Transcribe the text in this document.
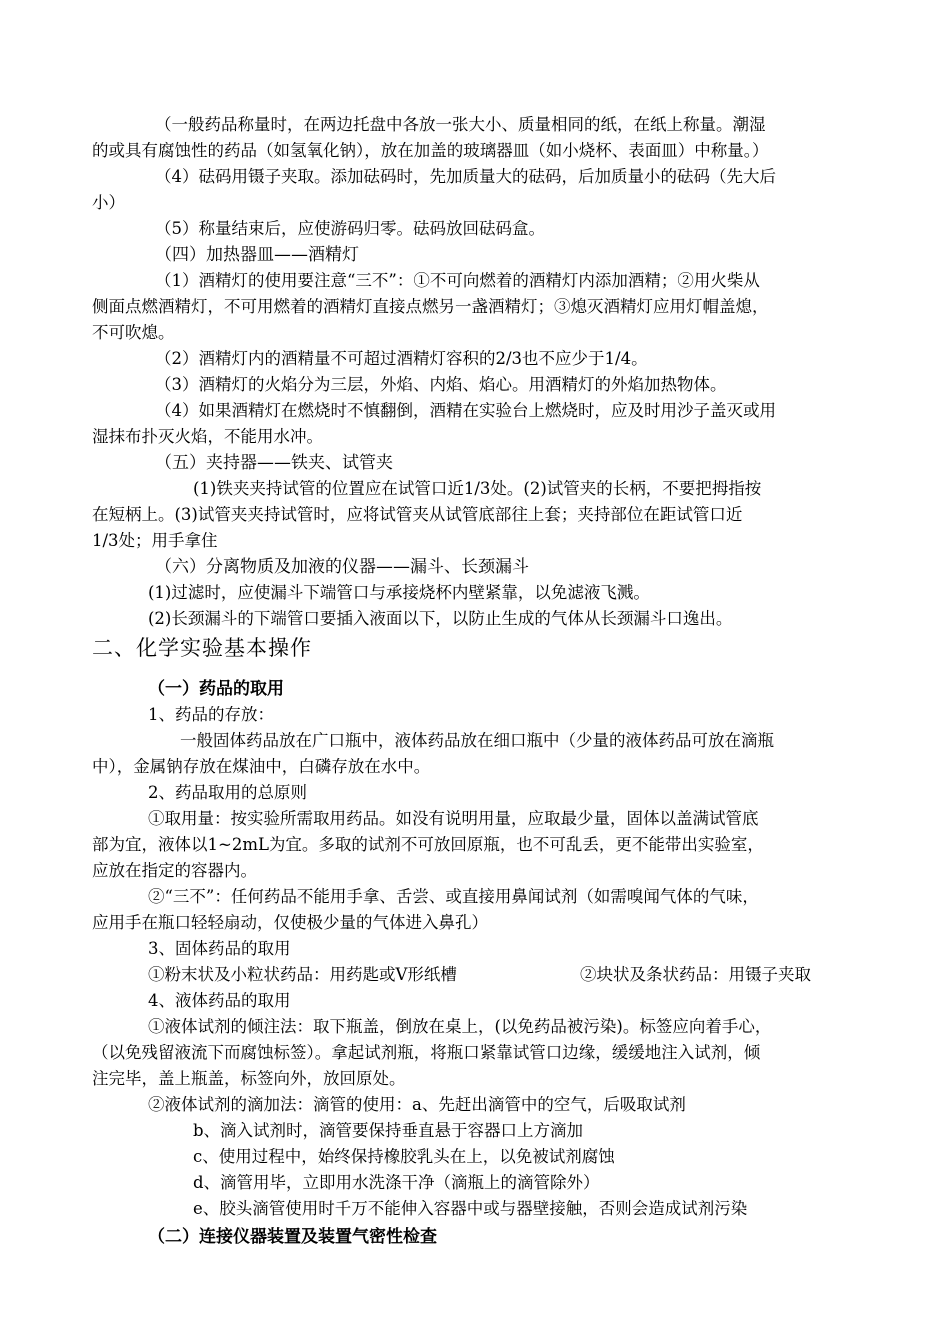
（一般药品称量时，在两边托盘中各放一张大小、质量相同的纸，在纸上称量。潮湿
的或具有腐蚀性的药品（如氢氧化钠），放在加盖的玻璃器皿（如小烧杯、表面皿）中称量。）
（4）砝码用镊子夹取。添加砝码时，先加质量大的砝码，后加质量小的砝码（先大后
小）
（5）称量结束后，应使游码归零。砝码放回砝码盒。
（四）加热器皿——酒精灯
（1）酒精灯的使用要注意“三不”：①不可向燃着的酒精灯内添加酒精；②用火柴从
侧面点燃酒精灯，不可用燃着的酒精灯直接点燃另一盏酒精灯；③熄灭酒精灯应用灯帽盖熄，
不可吹熄。
（2）酒精灯内的酒精量不可超过酒精灯容积的2/3也不应少于1/4。
（3）酒精灯的火焰分为三层，外焰、内焰、焰心。用酒精灯的外焰加热物体。
（4）如果酒精灯在燃烧时不慎翻倒，酒精在实验台上燃烧时，应及时用沙子盖灭或用
湿抹布扑灭火焰，不能用水冲。
（五）夹持器——铁夹、试管夹
(1)铁夹夹持试管的位置应在试管口近1/3处。(2)试管夹的长柄，不要把拇指按
在短柄上。(3)试管夹夹持试管时，应将试管夹从试管底部往上套；夹持部位在距试管口近
1/3处；用手拿住
（六）分离物质及加液的仪器——漏斗、长颈漏斗
(1)过滤时，应使漏斗下端管口与承接烧杯内壁紧靠，以免滤液飞溅。
(2)长颈漏斗的下端管口要插入液面以下，以防止生成的气体从长颈漏斗口逸出。
二、化学实验基本操作
（一）药品的取用
1、药品的存放：
一般固体药品放在广口瓶中，液体药品放在细口瓶中（少量的液体药品可放在滴瓶
中），金属钠存放在煤油中，白磷存放在水中。
2、药品取用的总原则
①取用量：按实验所需取用药品。如没有说明用量，应取最少量，固体以盖满试管底
部为宜，液体以1~2mL为宜。多取的试剂不可放回原瓶，也不可乱丢，更不能带出实验室，
应放在指定的容器内。
②“三不”：任何药品不能用手拿、舌尝、或直接用鼻闻试剂（如需嗅闻气体的气味，
应用手在瓶口轻轻扇动，仅使极少量的气体进入鼻孔）
3、固体药品的取用
①粉末状及小粒状药品：用药匙或V形纸槽	②块状及条状药品：用镊子夹取
4、液体药品的取用
①液体试剂的倾注法：取下瓶盖，倒放在桌上，(以免药品被污染)。标签应向着手心，
（以免残留液流下而腐蚀标签）。拿起试剂瓶，将瓶口紧靠试管口边缘，缓缓地注入试剂，倾
注完毕，盖上瓶盖，标签向外，放回原处。
②液体试剂的滴加法：滴管的使用：a、先赶出滴管中的空气，后吸取试剂
b、滴入试剂时，滴管要保持垂直悬于容器口上方滴加
c、使用过程中，始终保持橡胶乳头在上，以免被试剂腐蚀
d、滴管用毕，立即用水洗涤干净（滴瓶上的滴管除外）
e、胶头滴管使用时千万不能伸入容器中或与器壁接触，否则会造成试剂污染
（二）连接仪器装置及装置气密性检查
